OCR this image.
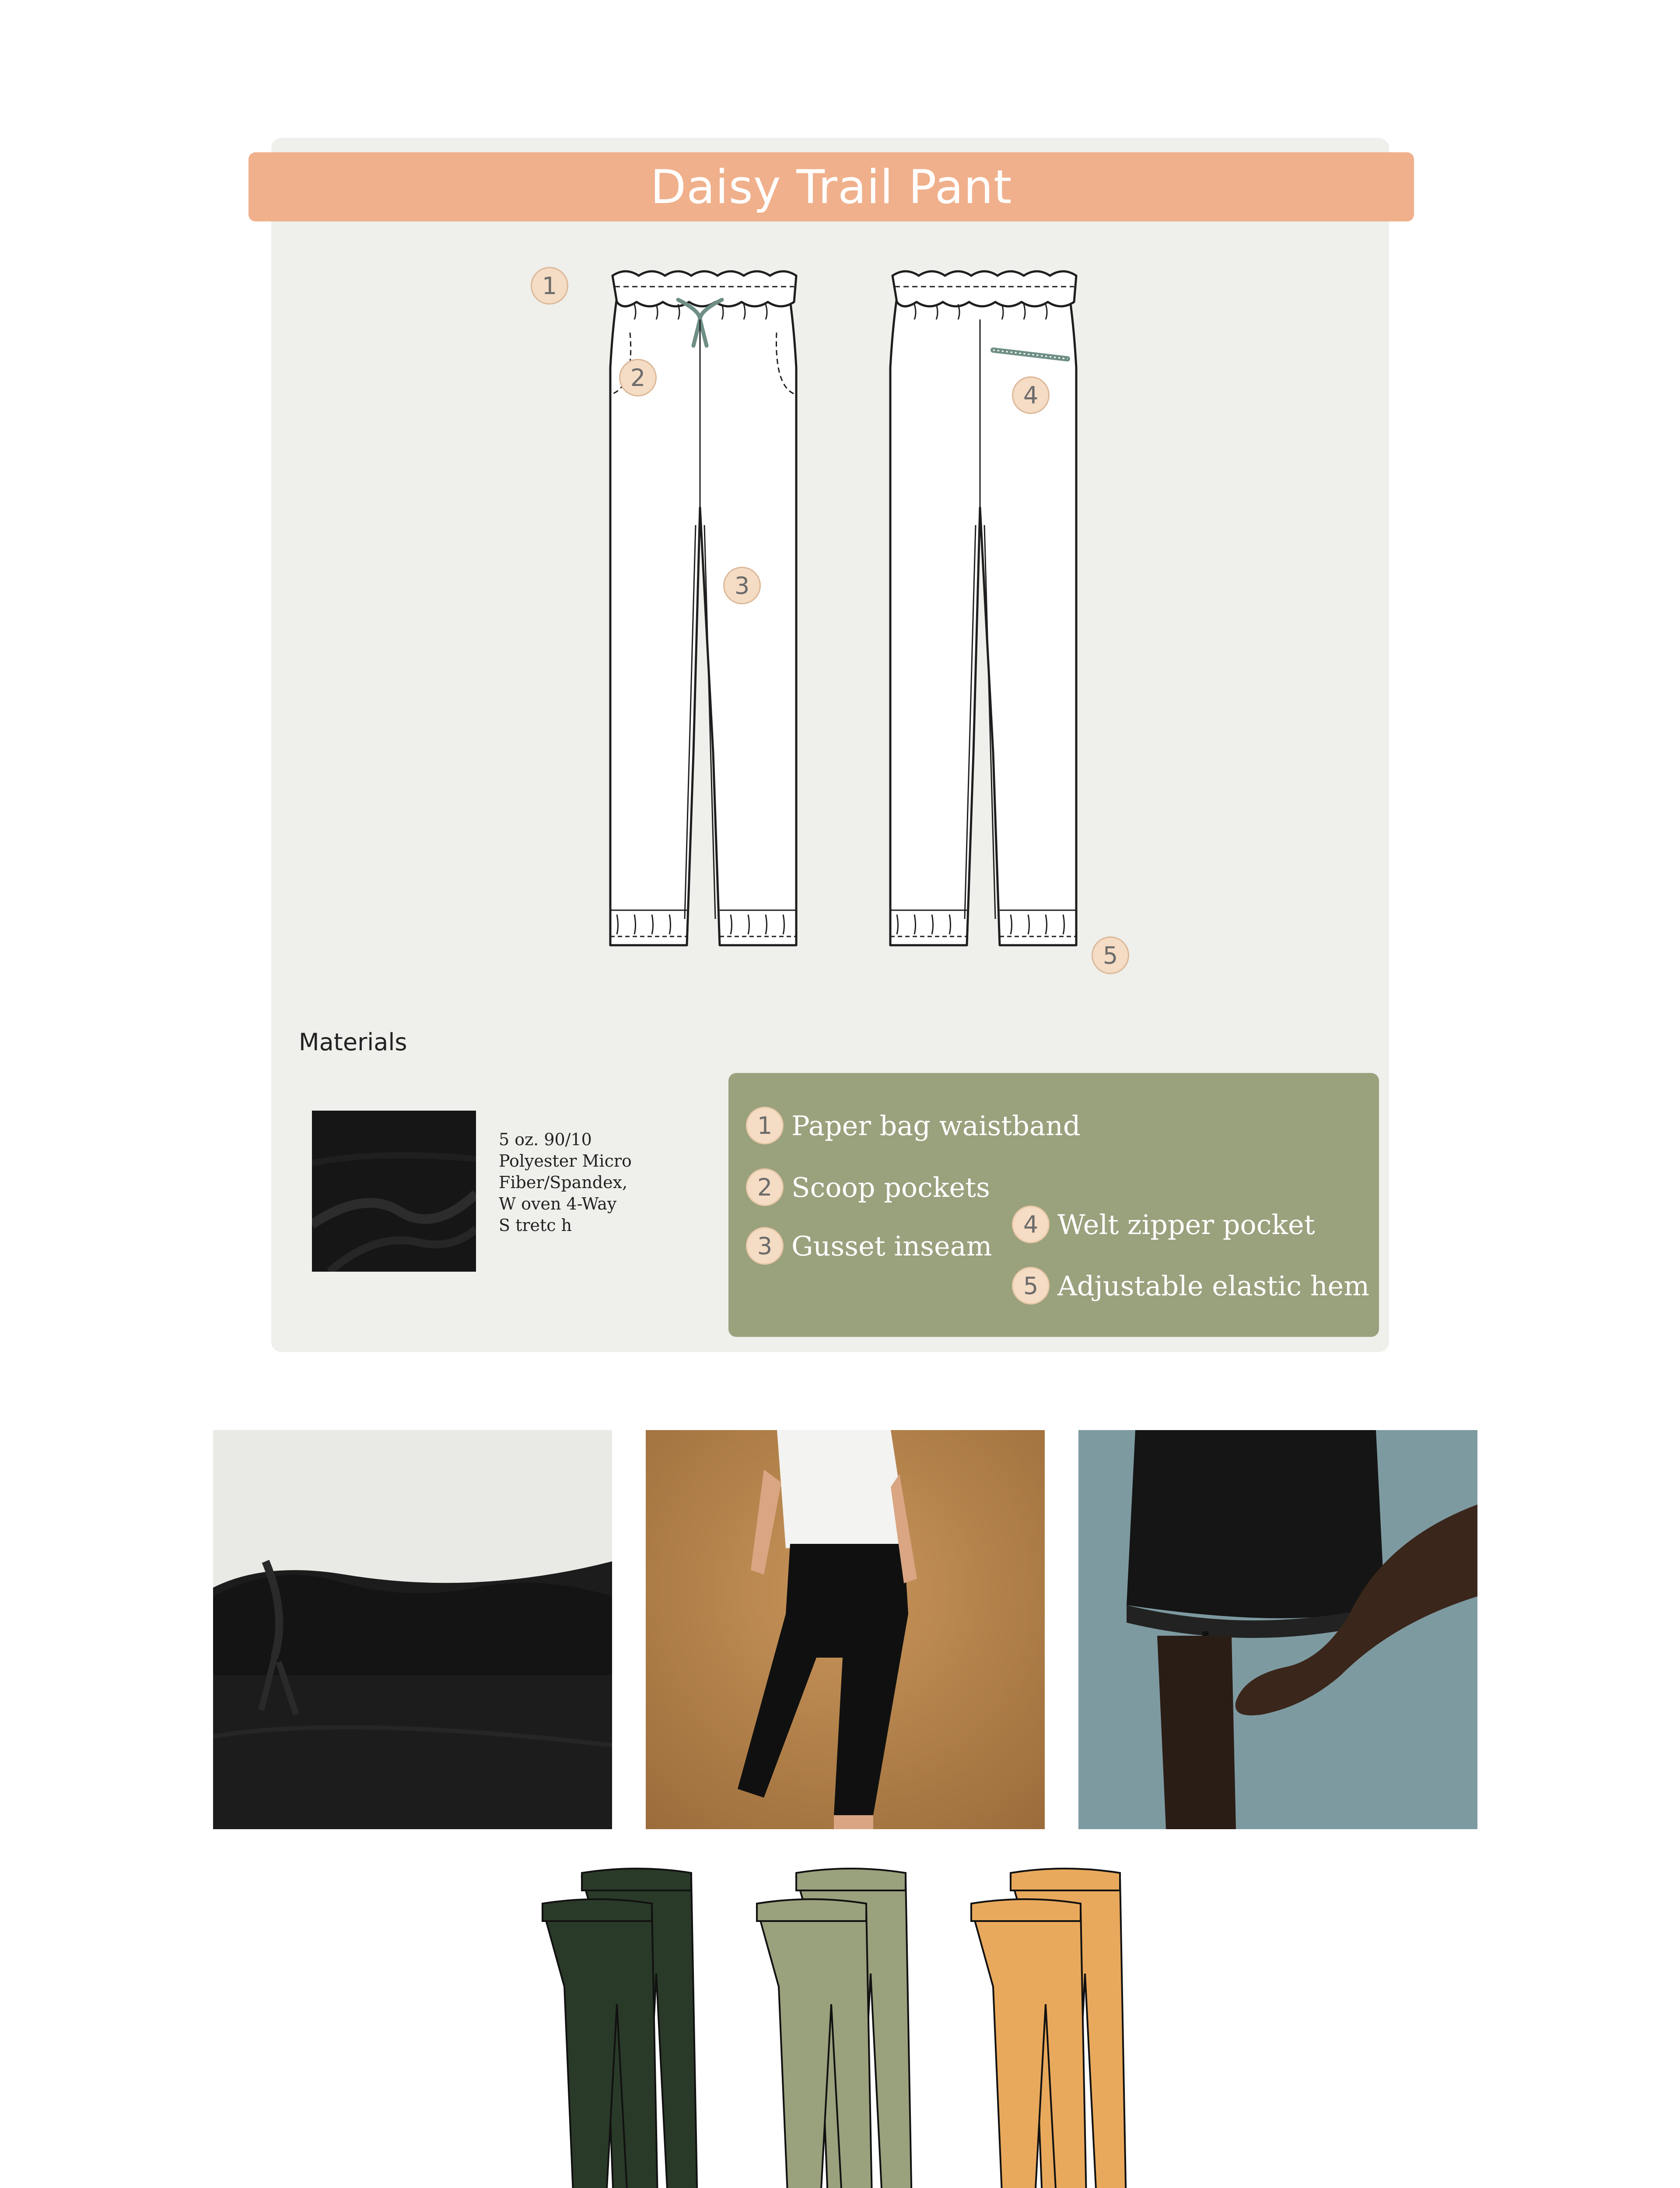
Daisy Trail Pant
1
2
3
4
5
Materials
5 oz. 90/10
Polyester Micro
Fiber/Spandex,
W oven 4-Way
S tretc h
1 Paper bag waistband
2 Scoop pockets
3 Gusset inseam
4 Welt zipper pocket
5 Adjustable elastic hem
